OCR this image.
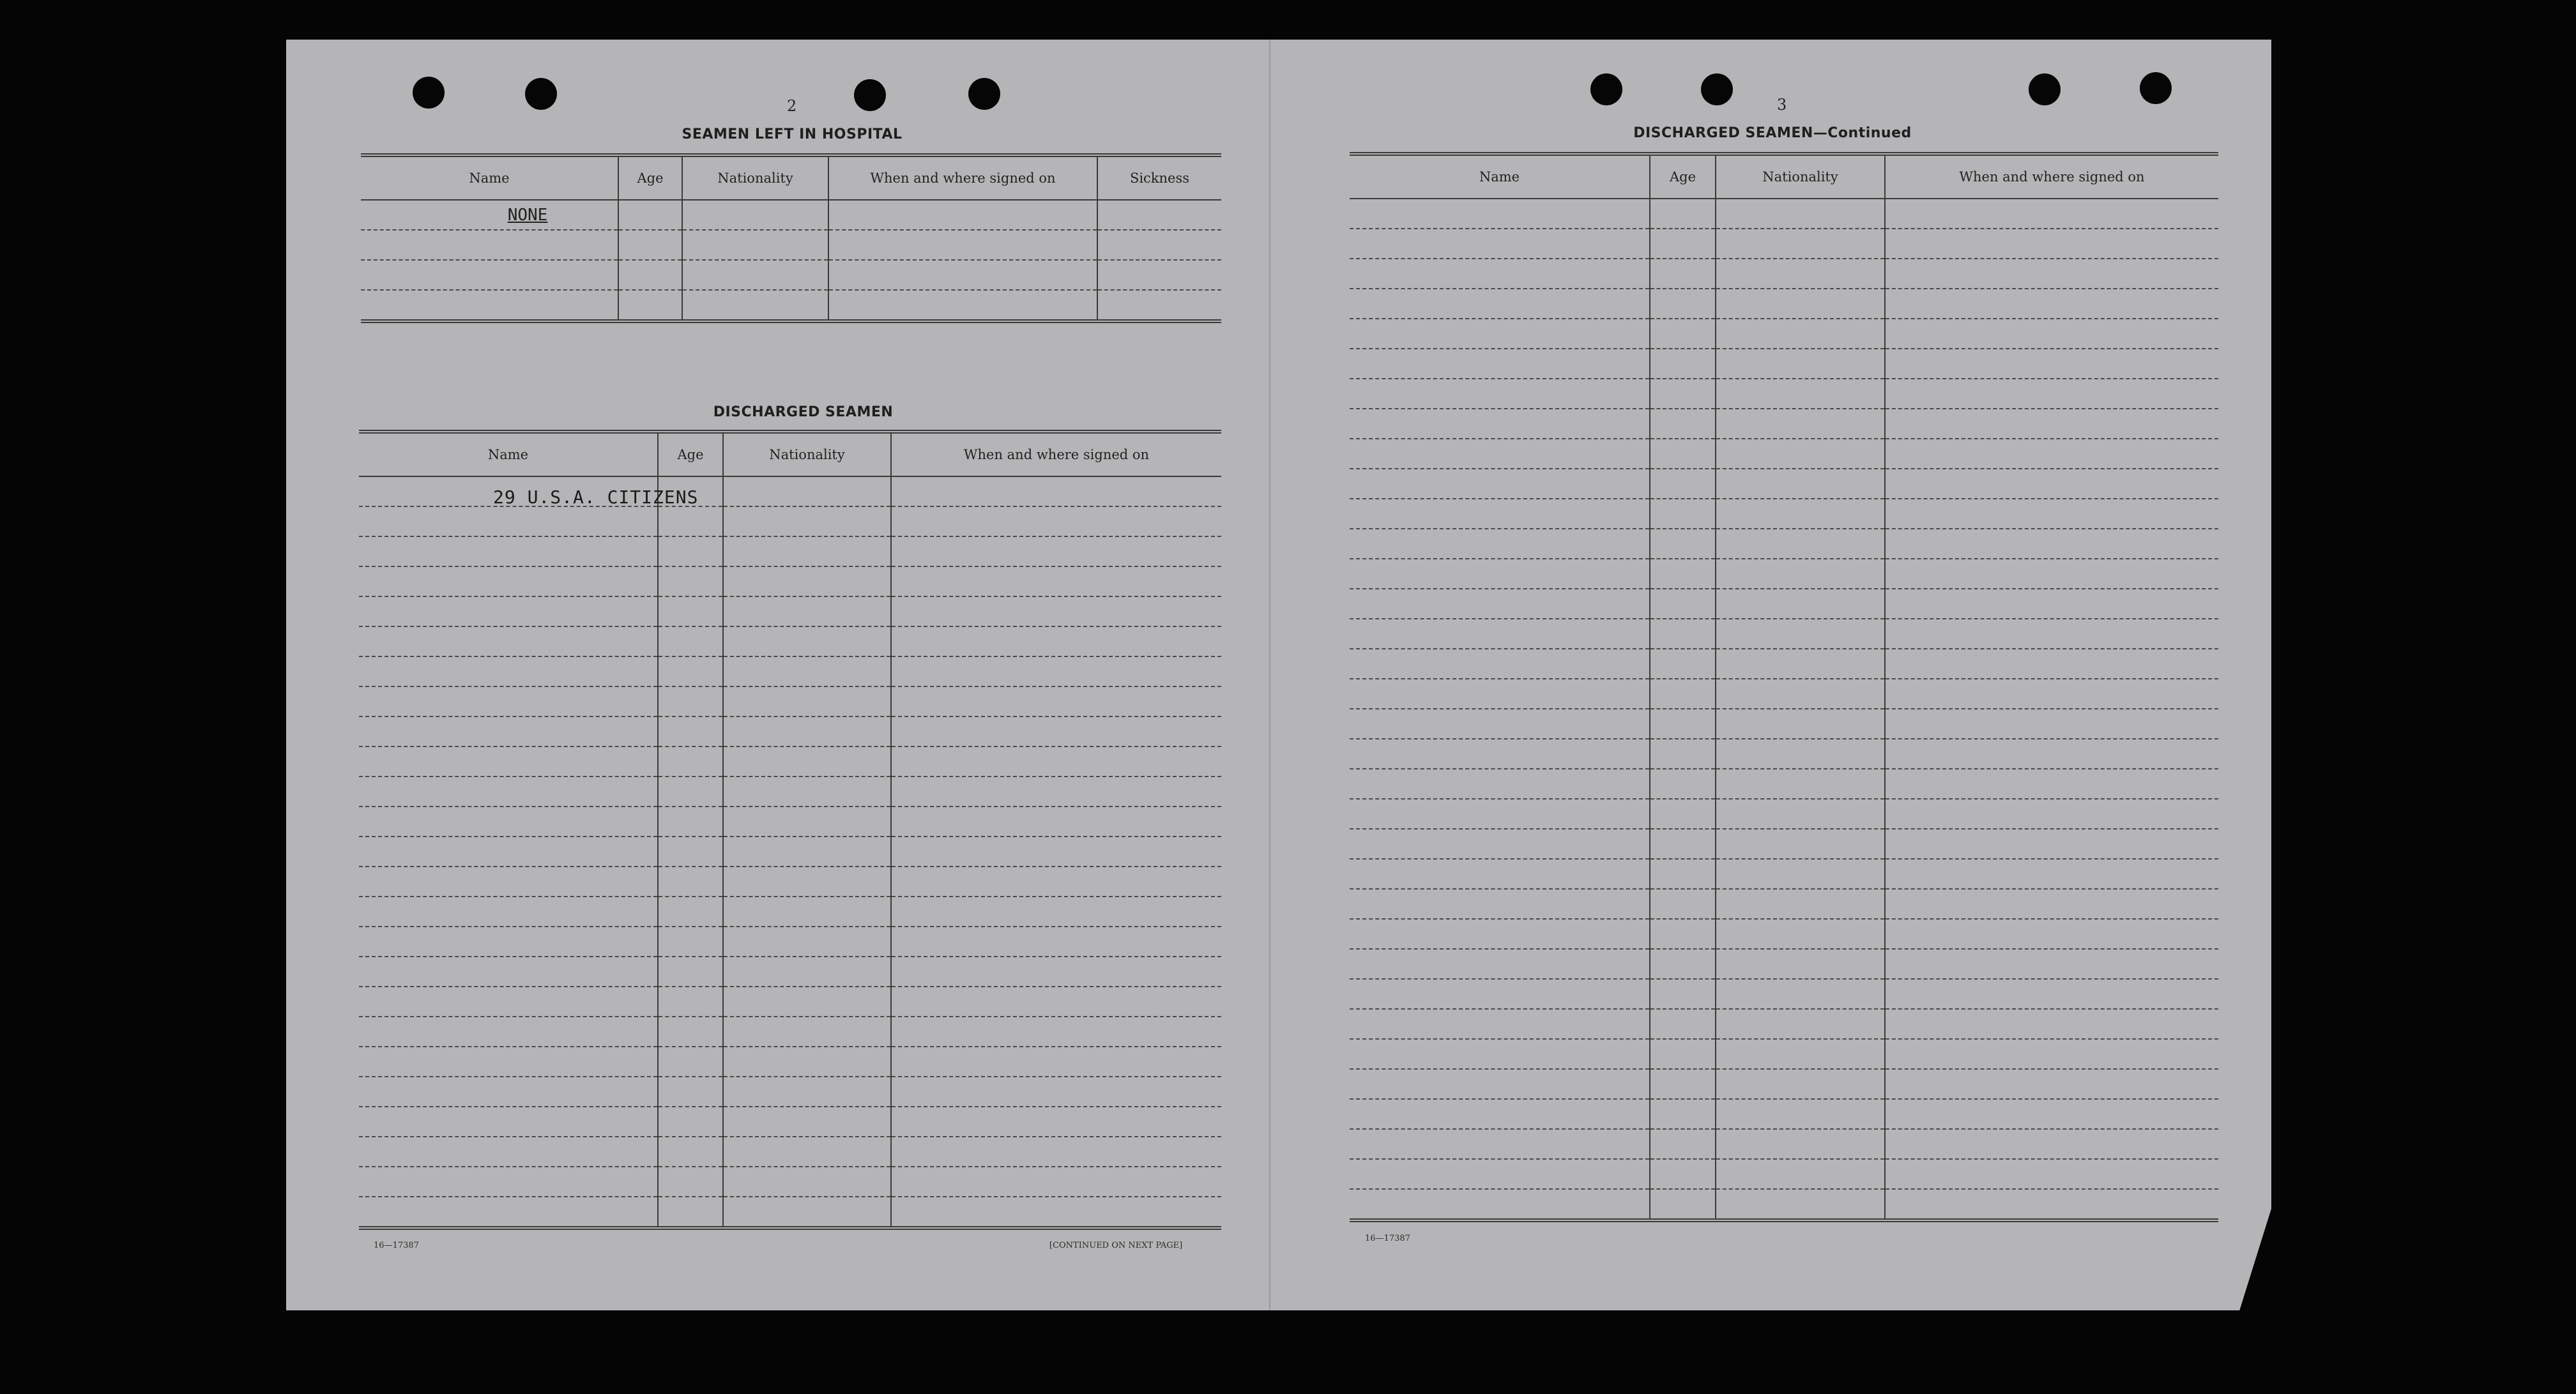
2
SEAMEN LEFT IN HOSPITAL
Name	Age	Nationality	When and where signed on	Sickness
NONE				

DISCHARGED SEAMEN
Name	Age	Nationality	When and where signed on

29 U.S.A. CITIZENS
16—17387	[CONTINUED ON NEXT PAGE]
3
DISCHARGED SEAMEN—Continued
Name	Age	Nationality	When and where signed on

16—17387
